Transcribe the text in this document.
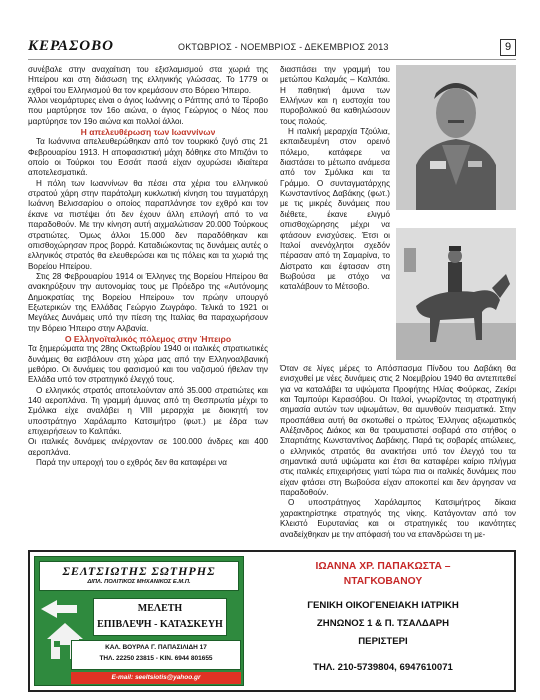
ΚΕΡΑΣΟΒΟ	ΟΚΤΩΒΡΙΟΣ - ΝΟΕΜΒΡΙΟΣ - ΔΕΚΕΜΒΡΙΟΣ 2013	9

συνέβαλε στην αναχαίτιση του εξισλαμισμού στα χωριά της Ηπείρου και στη διάσωση της ελληνικής γλώσσας. Το 1779 οι εχθροί του Ελληνισμού θα τον κρεμάσουν στο Βόρειο Ήπειρο.

Άλλοι νεομάρτυρες είναι ο άγιος Ιωάννης ο Ράπτης από το Τέροβο που μαρτύρησε τον 16ο αιώνα, ο άγιος Γεώργιος ο Νέος που μαρτύρησε τον 19ο αιώνα και πολλοί άλλοι.

Η απελευθέρωση των Ιωαννίνων

Τα Ιωάννινα απελευθερώθηκαν από τον τουρκικό ζυγό στις 21 Φεβρουαρίου 1913. Η αποφασιστική μάχη δόθηκε στο Μπιζάνι το οποίο οι Τούρκοι του Εσσάτ πασά είχαν οχυρώσει ιδιαίτερα αποτελεσματικά.

Η πόλη των Ιωαννίνων θα πέσει στα χέρια του ελληνικού στρατού χάρη στην παράτολμη κυκλωτική κίνηση του ταγματάρχη Ιωάννη Βελισσαρίου ο οποίος παραπλάνησε τον εχθρό και τον έκανε να πιστέψει ότι δεν έχουν άλλη επιλογή από το να παραδοθούν. Με την κίνηση αυτή αιχμαλώτισαν 20.000 Τούρκους στρατιώτες. Όμως άλλοι 15.000 δεν παραδόθηκαν και οπισθοχώρησαν προς βορρά. Καταδιώκοντας τις δυνάμεις αυτές ο ελληνικός στρατός θα ελευθερώσει και τις πόλεις και τα χωριά της Βορείου Ηπείρου.

Στις 28 Φεβρουαρίου 1914 οι Έλληνες της Βορείου Ηπείρου θα ανακηρύξουν την αυτονομίας τους με Πρόεδρο της «Αυτόνομης Δημοκρατίας της Βορείου Ηπείρου» τον πρώην υπουργό Εξωτερικών της Ελλάδας Γεώργιο Ζωγράφο. Τελικά το 1921 οι Μεγάλες Δυνάμεις υπό την πίεση της Ιταλίας θα παραχωρήσουν την Βόρειο Ήπειρο στην Αλβανία.

Ο Ελληνοϊταλικός πόλεμος στην Ήπειρο

Τα ξημερώματα της 28ης Οκτωβρίου 1940 οι ιταλικές στρατιωτικές δυνάμεις θα εισβάλουν στη χώρα μας από την Ελληνοαλβανική μεθόριο. Οι δυνάμεις του φασισμού και του ναζισμού ήθελαν την Ελλάδα υπό τον στρατηγικό έλεγχό τους.

Ο ελληνικός στρατός αποτελούνταν από 35.000 στρατιώτες και 140 αεροπλάνα. Τη γραμμή άμυνας από τη Θεσπρωτία μέχρι το Σμόλικα είχε αναλάβει η VIII μεραρχία με διοικητή τον υποστράτηγο Χαράλαμπο Κατσιμήτρο (φωτ.) με έδρα των επιχειρήσεων το Καλπάκι.

Οι ιταλικές δυνάμεις ανέρχονταν σε 100.000 άνδρες και 400 αεροπλάνα.

Παρά την υπεροχή του ο εχθρός δεν θα καταφέρει να

διασπάσει την γραμμή του μετώπου Καλαμάς – Καλπάκι. Η παθητική άμυνα των Ελλήνων και η ευστοχία του πυροβολικού θα καθηλώσουν τους πολούς.

Η ιταλική μεραρχία Τζούλια, εκπαιδευμένη στον ορεινό πόλεμο, κατάφερε να διαστάσει το μέτωπο ανάμεσα από τον Σμόλικα και τα Γράμμο. Ο συνταγματάρχης Κωνσταντίνος Δαβάκης (φωτ.) με τις μικρές δυνάμεις που διέθετε, έκανε ελιγμό οπισθοχώρησης μέχρι να φτάσουν ενισχύσεις. Έτσι οι Ιταλοί ανενόχλητοι σχεδόν πέρασαν από τη Σαμαρίνα, το Δίστρατο και έφτασαν στη Βωβούσα με στόχο να καταλάβουν το Μέτσοβο.

Όταν σε λίγες μέρες το Απόσπασμα Πίνδου του Δαβάκη θα ενισχυθεί με νέες δυνάμεις στις 2 Νοεμβρίου 1940 θα αντεπιτεθεί για να καταλάβει τα υψώματα Προφήτης Ηλίας Φούρκας, Ζεκίρι και Ταμπούρι Κερασόβου. Οι Ιταλοί, γνωρίζοντας τη στρατηγική σημασία αυτών των υψωμάτων, θα αμυνθούν πεισματικά. Στην προσπάθεια αυτή θα σκοτωθεί ο πρώτος Έλληνας αξιωματικός Αλέξανδρος Διάκος και θα τραυματιστεί σοβαρά στο στήθος ο Σπαρτιάτης Κωνσταντίνος Δαβάκης. Παρά τις σοβαρές απώλειες, ο ελληνικός στρατός θα ανακτήσει υπό τον έλεγχό του τα σημαντικά αυτά υψώματα και έτσι θα καταφέρει καίριο πλήγμα στις ιταλικές επιχειρήσεις γιατί τώρα πια οι ιταλικές δυνάμεις που είχαν φτάσει στη Βωβούσα είχαν αποκοπεί και δεν άργησαν να παραδοθούν.

Ο υποστράτηγος Χαράλαμπος Κατσιμήτρος δίκαια χαρακτηρίστηκε στρατηγός της νίκης. Κατάγονταν από τον Κλειστό Ευρυτανίας και οι στρατηγικές του ικανότητες αναδείχθηκαν με την απόφασή του να επανδρώσει τη με-

ΣΕΛΤΣΙΩΤΗΣ ΣΩΤΗΡΗΣ
ΔΙΠΛ. ΠΟΛΙΤΙΚΟΣ ΜΗΧΑΝΙΚΟΣ Ε.Μ.Π.
ΜΕΛΕΤΗ
ΕΠΙΒΛΕΨΗ - ΚΑΤΑΣΚΕΥΗ
ΚΑΛ. ΒΟΥΡΛΑ Γ. ΠΑΠΑΣΙΛΙΔΗ 17
ΤΗΛ. 22250 23815 - ΚΙΝ. 6944 801655
E-mail: seeltsiotis@yahoo.gr
ΙΩΑΝΝΑ ΧΡ. ΠΑΠΑΚΩΣΤΑ –
ΝΤΑΓΚΟΒΑΝΟΥ
ΓΕΝΙΚΗ ΟΙΚΟΓΕΝΕΙΑΚΗ ΙΑΤΡΙΚΗ
ΖΗΝΩΝΟΣ 1 & Π. ΤΣΑΛΔΑΡΗ
ΠΕΡΙΣΤΕΡΙ
ΤΗΛ. 210-5739804, 6947610071
